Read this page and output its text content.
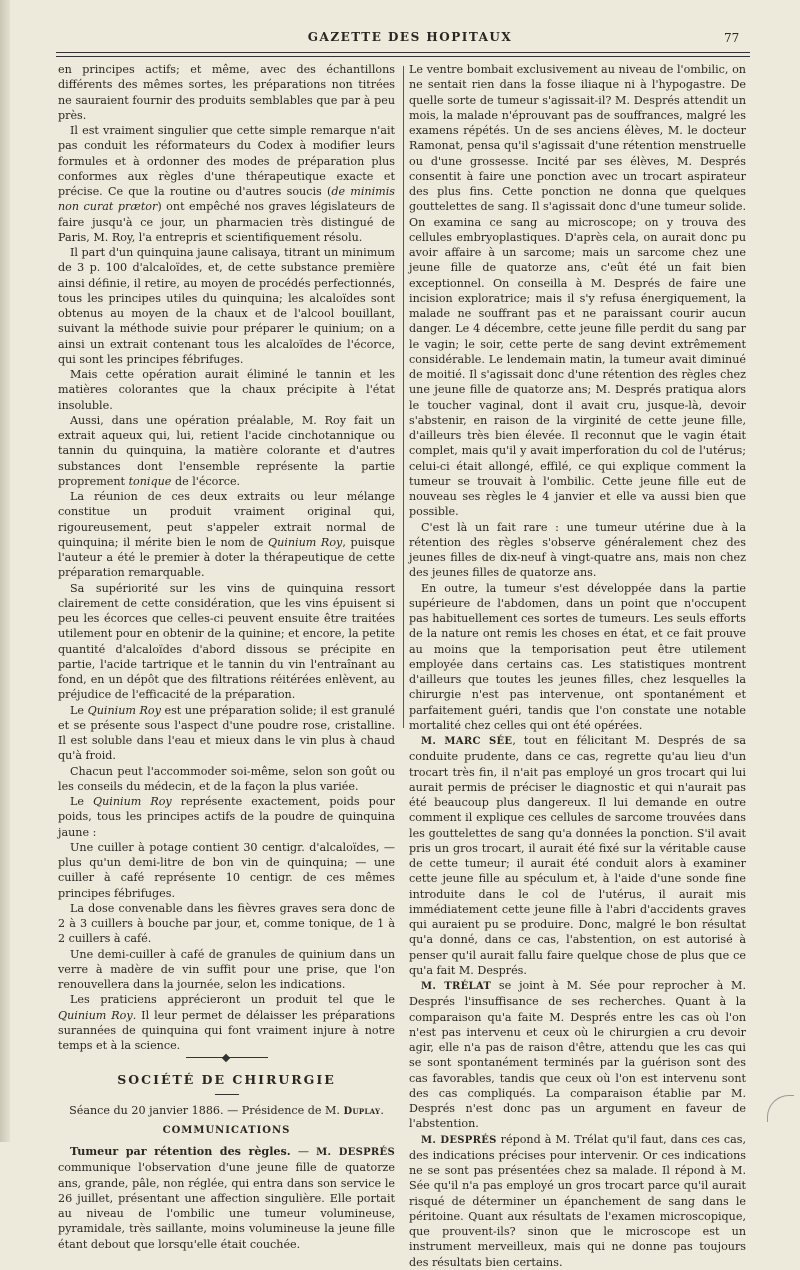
GAZETTE DES HOPITAUX	77

en principes actifs; et même, avec des échantillons différents des mêmes sortes, les préparations non titrées ne sauraient fournir des produits semblables que par à peu près.

Il est vraiment singulier que cette simple remarque n'ait pas conduit les réformateurs du Codex à modifier leurs formules et à ordonner des modes de préparation plus conformes aux règles d'une thérapeutique exacte et précise. Ce que la routine ou d'autres soucis (de minimis non curat prætor) ont empêché nos graves législateurs de faire jusqu'à ce jour, un pharmacien très distingué de Paris, M. Roy, l'a entrepris et scientifiquement résolu.

Il part d'un quinquina jaune calisaya, titrant un minimum de 3 p. 100 d'alcaloïdes, et, de cette substance première ainsi définie, il retire, au moyen de procédés perfectionnés, tous les principes utiles du quinquina; les alcaloïdes sont obtenus au moyen de la chaux et de l'alcool bouillant, suivant la méthode suivie pour préparer le quinium; on a ainsi un extrait contenant tous les alcaloïdes de l'écorce, qui sont les principes fébrifuges.

Mais cette opération aurait éliminé le tannin et les matières colorantes que la chaux précipite à l'état insoluble.

Aussi, dans une opération préalable, M. Roy fait un extrait aqueux qui, lui, retient l'acide cinchotannique ou tannin du quinquina, la matière colorante et d'autres substances dont l'ensemble représente la partie proprement tonique de l'écorce.

La réunion de ces deux extraits ou leur mélange constitue un produit vraiment original qui, rigoureusement, peut s'appeler extrait normal de quinquina; il mérite bien le nom de Quinium Roy, puisque l'auteur a été le premier à doter la thérapeutique de cette préparation remarquable.

Sa supériorité sur les vins de quinquina ressort clairement de cette considération, que les vins épuisent si peu les écorces que celles-ci peuvent ensuite être traitées utilement pour en obtenir de la quinine; et encore, la petite quantité d'alcaloïdes d'abord dissous se précipite en partie, l'acide tartrique et le tannin du vin l'entraînant au fond, en un dépôt que des filtrations réitérées enlèvent, au préjudice de l'efficacité de la préparation.

Le Quinium Roy est une préparation solide; il est granulé et se présente sous l'aspect d'une poudre rose, cristalline. Il est soluble dans l'eau et mieux dans le vin plus à chaud qu'à froid.

Chacun peut l'accommoder soi-même, selon son goût ou les conseils du médecin, et de la façon la plus variée.

Le Quinium Roy représente exactement, poids pour poids, tous les principes actifs de la poudre de quinquina jaune :

Une cuiller à potage contient 30 centigr. d'alcaloïdes, — plus qu'un demi-litre de bon vin de quinquina; — une cuiller à café représente 10 centigr. de ces mêmes principes fébrifuges.

La dose convenable dans les fièvres graves sera donc de 2 à 3 cuillers à bouche par jour, et, comme tonique, de 1 à 2 cuillers à café.

Une demi-cuiller à café de granules de quinium dans un verre à madère de vin suffit pour une prise, que l'on renouvellera dans la journée, selon les indications.

Les praticiens apprécieront un produit tel que le Quinium Roy. Il leur permet de délaisser les préparations surannées de quinquina qui font vraiment injure à notre temps et à la science.

SOCIÉTÉ DE CHIRURGIE
Séance du 20 janvier 1886. — Présidence de M. Duplay.
COMMUNICATIONS

Tumeur par rétention des règles. — M. DESPRÉS communique l'observation d'une jeune fille de quatorze ans, grande, pâle, non réglée, qui entra dans son service le 26 juillet, présentant une affection singulière. Elle portait au niveau de l'ombilic une tumeur volumineuse, pyramidale, très saillante, moins volumineuse la jeune fille étant debout que lorsqu'elle était couchée.

Le ventre bombait exclusivement au niveau de l'ombilic, on ne sentait rien dans la fosse iliaque ni à l'hypogastre. De quelle sorte de tumeur s'agissait-il? M. Després attendit un mois, la malade n'éprouvant pas de souffrances, malgré les examens répétés. Un de ses anciens élèves, M. le docteur Ramonat, pensa qu'il s'agissait d'une rétention menstruelle ou d'une grossesse. Incité par ses élèves, M. Després consentit à faire une ponction avec un trocart aspirateur des plus fins. Cette ponction ne donna que quelques gouttelettes de sang. Il s'agissait donc d'une tumeur solide. On examina ce sang au microscope; on y trouva des cellules embryoplastiques. D'après cela, on aurait donc pu avoir affaire à un sarcome; mais un sarcome chez une jeune fille de quatorze ans, c'eût été un fait bien exceptionnel. On conseilla à M. Després de faire une incision exploratrice; mais il s'y refusa énergiquement, la malade ne souffrant pas et ne paraissant courir aucun danger. Le 4 décembre, cette jeune fille perdit du sang par le vagin; le soir, cette perte de sang devint extrêmement considérable. Le lendemain matin, la tumeur avait diminué de moitié. Il s'agissait donc d'une rétention des règles chez une jeune fille de quatorze ans; M. Després pratiqua alors le toucher vaginal, dont il avait cru, jusque-là, devoir s'abstenir, en raison de la virginité de cette jeune fille, d'ailleurs très bien élevée. Il reconnut que le vagin était complet, mais qu'il y avait imperforation du col de l'utérus; celui-ci était allongé, effilé, ce qui explique comment la tumeur se trouvait à l'ombilic. Cette jeune fille eut de nouveau ses règles le 4 janvier et elle va aussi bien que possible.

C'est là un fait rare : une tumeur utérine due à la rétention des règles s'observe généralement chez des jeunes filles de dix-neuf à vingt-quatre ans, mais non chez des jeunes filles de quatorze ans.

En outre, la tumeur s'est développée dans la partie supérieure de l'abdomen, dans un point que n'occupent pas habituellement ces sortes de tumeurs. Les seuls efforts de la nature ont remis les choses en état, et ce fait prouve au moins que la temporisation peut être utilement employée dans certains cas. Les statistiques montrent d'ailleurs que toutes les jeunes filles, chez lesquelles la chirurgie n'est pas intervenue, ont spontanément et parfaitement guéri, tandis que l'on constate une notable mortalité chez celles qui ont été opérées.

M. MARC SÉE, tout en félicitant M. Després de sa conduite prudente, dans ce cas, regrette qu'au lieu d'un trocart très fin, il n'ait pas employé un gros trocart qui lui aurait permis de préciser le diagnostic et qui n'aurait pas été beaucoup plus dangereux. Il lui demande en outre comment il explique ces cellules de sarcome trouvées dans les gouttelettes de sang qu'a données la ponction. S'il avait pris un gros trocart, il aurait été fixé sur la véritable cause de cette tumeur; il aurait été conduit alors à examiner cette jeune fille au spéculum et, à l'aide d'une sonde fine introduite dans le col de l'utérus, il aurait mis immédiatement cette jeune fille à l'abri d'accidents graves qui auraient pu se produire. Donc, malgré le bon résultat qu'a donné, dans ce cas, l'abstention, on est autorisé à penser qu'il aurait fallu faire quelque chose de plus que ce qu'a fait M. Després.

M. TRÉLAT se joint à M. Sée pour reprocher à M. Després l'insuffisance de ses recherches. Quant à la comparaison qu'a faite M. Després entre les cas où l'on n'est pas intervenu et ceux où le chirurgien a cru devoir agir, elle n'a pas de raison d'être, attendu que les cas qui se sont spontanément terminés par la guérison sont des cas favorables, tandis que ceux où l'on est intervenu sont des cas compliqués. La comparaison établie par M. Després n'est donc pas un argument en faveur de l'abstention.

M. DESPRÉS répond à M. Trélat qu'il faut, dans ces cas, des indications précises pour intervenir. Or ces indications ne se sont pas présentées chez sa malade. Il répond à M. Sée qu'il n'a pas employé un gros trocart parce qu'il aurait risqué de déterminer un épanchement de sang dans le péritoine. Quant aux résultats de l'examen microscopique, que prouvent-ils? sinon que le microscope est un instrument merveilleux, mais qui ne donne pas toujours des résultats bien certains.
